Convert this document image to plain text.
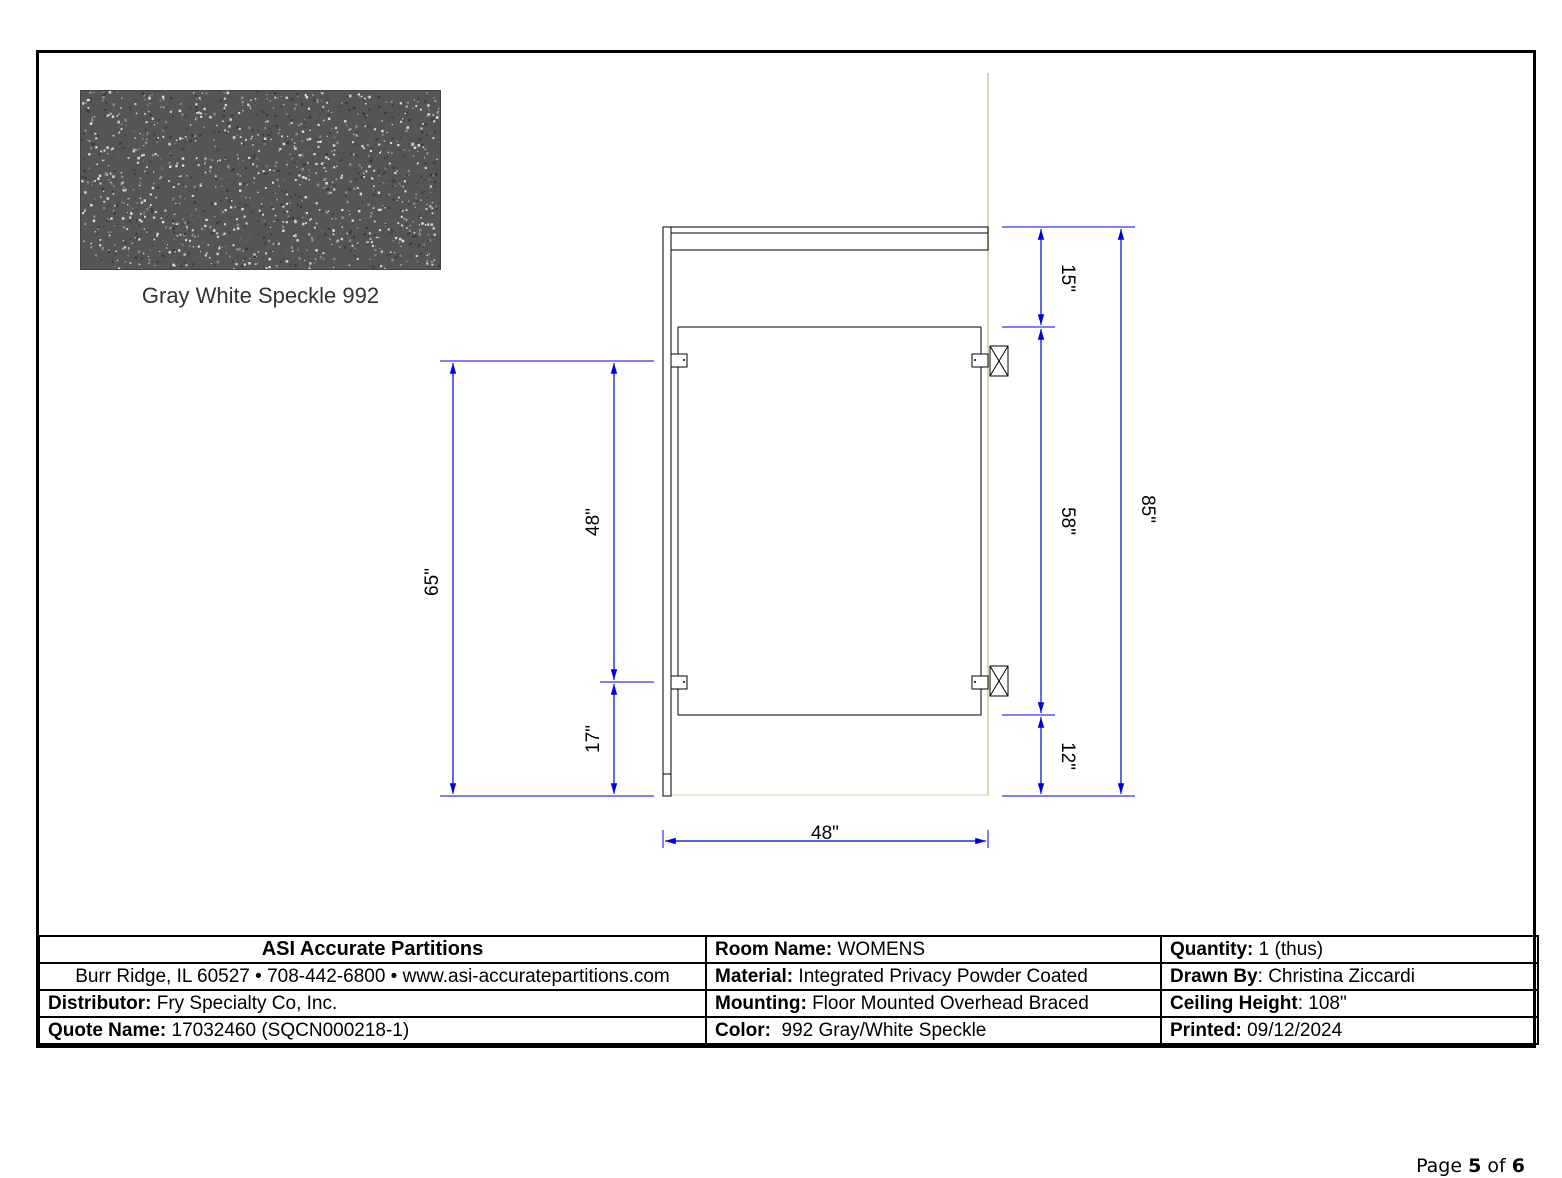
Gray White Speckle 992
15"
58"
12"
85"
48"
17"
65"
48"
ASI Accurate Partitions	Room Name: WOMENS	Quantity: 1 (thus)
Burr Ridge, IL 60527 • 708-442-6800 • www.asi-accuratepartitions.com	Material: Integrated Privacy Powder Coated	Drawn By: Christina Ziccardi
Distributor: Fry Specialty Co, Inc.	Mounting: Floor Mounted Overhead Braced	Ceiling Height: 108"
Quote Name: 17032460 (SQCN000218-1)	Color: 992 Gray/White Speckle	Printed: 09/12/2024
Page 5 of 6
